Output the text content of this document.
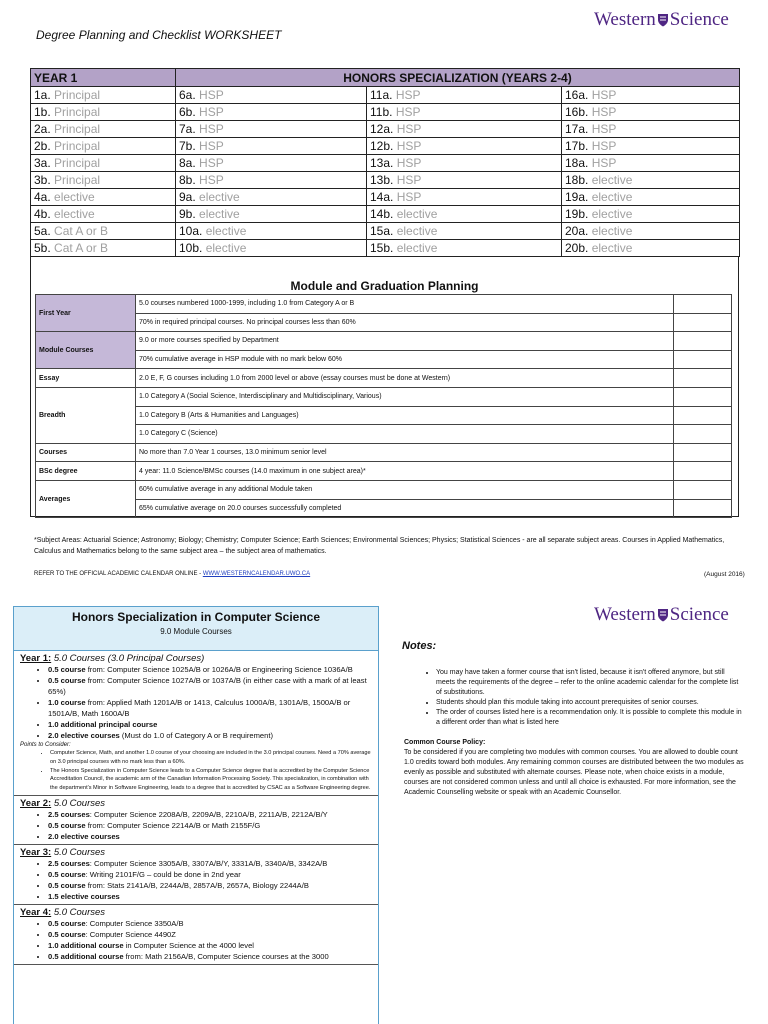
Degree Planning and Checklist WORKSHEET
Western Science
YEAR 1	HONORS SPECIALIZATION (YEARS 2-4)		
1a. Principal	6a. HSP	11a. HSP	16a. HSP
1b. Principal	6b. HSP	11b. HSP	16b. HSP
2a. Principal	7a. HSP	12a. HSP	17a. HSP
2b. Principal	7b. HSP	12b. HSP	17b. HSP
3a. Principal	8a. HSP	13a. HSP	18a. HSP
3b. Principal	8b. HSP	13b. HSP	18b. elective
4a. elective	9a. elective	14a. HSP	19a. elective
4b. elective	9b. elective	14b. elective	19b. elective
5a. Cat A or B	10a. elective	15a. elective	20a. elective
5b. Cat A or B	10b. elective	15b. elective	20b. elective
Module and Graduation Planning
First Year	5.0 courses numbered 1000-1999, including 1.0 from Category A or B	
	70% in required principal courses. No principal courses less than 60%	
Module Courses	9.0 or more courses specified by Department	
	70% cumulative average in HSP module with no mark below 60%	
Essay	2.0 E, F, G courses including 1.0 from 2000 level or above (essay courses must be done at Western)	
Breadth	1.0 Category A (Social Science, Interdisciplinary and Multidisciplinary, Various)	
	1.0 Category B (Arts & Humanities and Languages)	
	1.0 Category C (Science)	
Courses	No more than 7.0 Year 1 courses, 13.0 minimum senior level	
BSc degree	4 year: 11.0 Science/BMSc courses (14.0 maximum in one subject area)*	
Averages	60% cumulative average in any additional Module taken	
	65% cumulative average on 20.0 courses successfully completed	
*Subject Areas: Actuarial Science; Astronomy; Biology; Chemistry; Computer Science; Earth Sciences; Environmental Sciences; Physics; Statistical Sciences - are all separate subject areas. Courses in Applied Mathematics, Calculus and Mathematics belong to the same subject area – the subject area of mathematics.
REFER TO THE OFFICIAL ACADEMIC CALENDAR ONLINE - WWW.WESTERNCALENDAR.UWO.CA	(August 2016)
Honors Specialization in Computer Science
9.0 Module Courses
Year 1: 5.0 Courses (3.0 Principal Courses)
• 0.5 course from: Computer Science 1025A/B or 1026A/B or Engineering Science 1036A/B
• 0.5 course from: Computer Science 1027A/B or 1037A/B (in either case with a mark of at least 65%)
• 1.0 course from: Applied Math 1201A/B or 1413, Calculus 1000A/B, 1301A/B, 1500A/B or 1501A/B, Math 1600A/B
• 1.0 additional principal course
• 2.0 elective courses (Must do 1.0 of Category A or B requirement)
Points to Consider:
• Computer Science, Math, and another 1.0 course of your choosing are included in the 3.0 principal courses. Need a 70% average on 3.0 principal courses with no mark less than a 60%.
• The Honors Specialization in Computer Science leads to a Computer Science degree that is accredited by the Computer Science Accreditation Council, the academic arm of the Canadian Information Processing Society. This specialization, in combination with the department's Minor in Software Engineering, leads to a degree that is accredited by CSAC as a Software Engineering degree.
Year 2: 5.0 Courses
• 2.5 courses: Computer Science 2208A/B, 2209A/B, 2210A/B, 2211A/B, 2212A/B/Y
• 0.5 course from: Computer Science 2214A/B or Math 2155F/G
• 2.0 elective courses
Year 3: 5.0 Courses
• 2.5 courses: Computer Science 3305A/B, 3307A/B/Y, 3331A/B, 3340A/B, 3342A/B
• 0.5 course: Writing 2101F/G – could be done in 2nd year
• 0.5 course from: Stats 2141A/B, 2244A/B, 2857A/B, 2657A, Biology 2244A/B
• 1.5 elective courses
Year 4: 5.0 Courses
• 0.5 course: Computer Science 3350A/B
• 0.5 course: Computer Science 4490Z
• 1.0 additional course in Computer Science at the 4000 level
• 0.5 additional course from: Math 2156A/B, Computer Science courses at the 3000
Western Science
Notes:
• You may have taken a former course that isn't listed, because it isn't offered anymore, but still meets the requirements of the degree – refer to the online academic calendar for the complete list of substitutions.
• Students should plan this module taking into account prerequisites of senior courses.
• The order of courses listed here is a recommendation only. It is possible to complete this module in a different order than what is listed here
Common Course Policy:
To be considered if you are completing two modules with common courses. You are allowed to double count 1.0 credits toward both modules. Any remaining common courses are distributed between the two modules as evenly as possible and substituted with alternate courses. Please note, when choice exists in a module, courses are not considered common unless and until all choice is exhausted. For more information, see the Academic Counselling website or speak with an Academic Counsellor.
